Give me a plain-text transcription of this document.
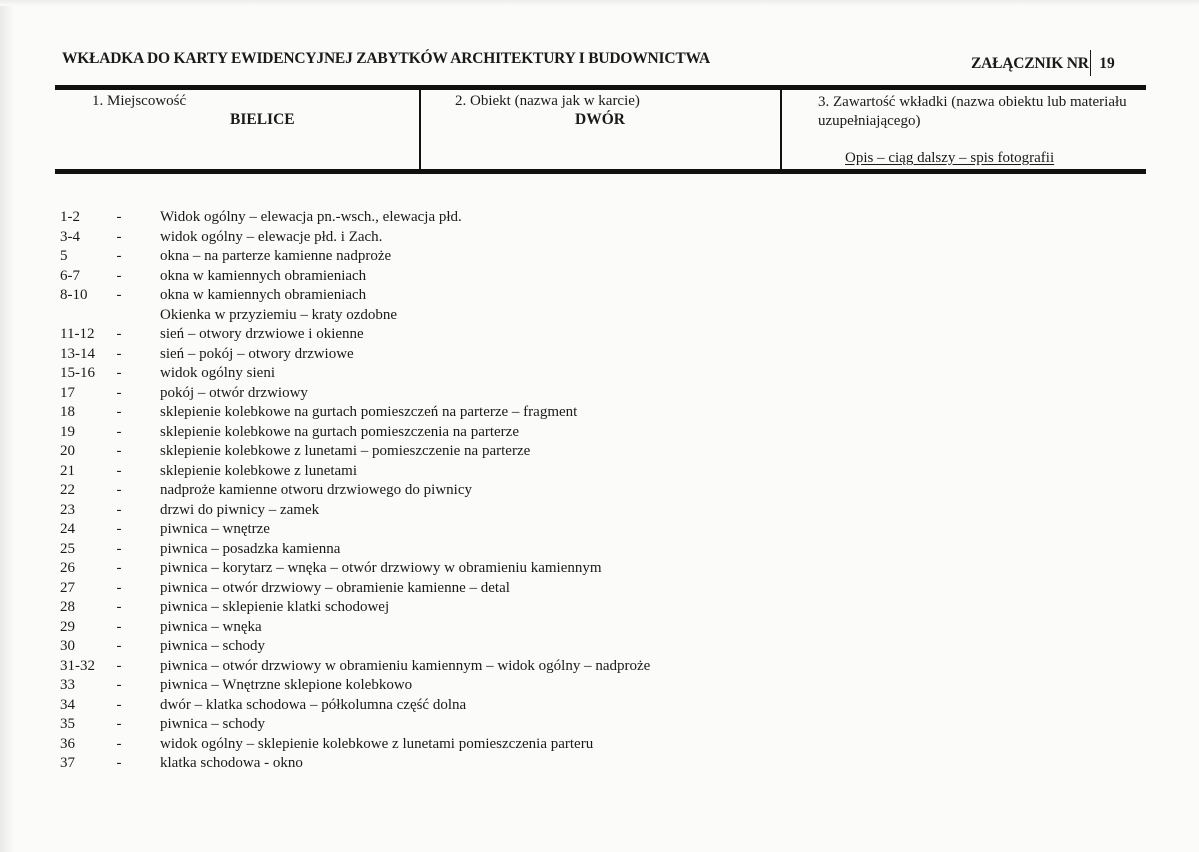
WKŁADKA DO KARTY EWIDENCYJNEJ ZABYTKÓW ARCHITEKTURY I BUDOWNICTWA	ZAŁĄCZNIK NR 19
1. Miejscowość
BIELICE
2. Obiekt (nazwa jak w karcie)
DWÓR
3. Zawartość wkładki (nazwa obiektu lub materiału uzupełniającego)
Opis – ciąg dalszy – spis fotografii
1-2	-	Widok ogólny – elewacja pn.-wsch., elewacja płd.
3-4	-	widok ogólny – elewacje płd. i Zach.
5	-	okna – na parterze kamienne nadproże
6-7	-	okna w kamiennych obramieniach
8-10	-	okna w kamiennych obramieniach
Okienka w przyziemiu – kraty ozdobne
11-12	-	sień – otwory drzwiowe i okienne
13-14	-	sień – pokój – otwory drzwiowe
15-16	-	widok ogólny sieni
17	-	pokój – otwór drzwiowy
18	-	sklepienie kolebkowe na gurtach pomieszczeń na parterze – fragment
19	-	sklepienie kolebkowe na gurtach pomieszczenia na parterze
20	-	sklepienie kolebkowe z lunetami – pomieszczenie na parterze
21	-	sklepienie kolebkowe z lunetami
22	-	nadproże kamienne otworu drzwiowego do piwnicy
23	-	drzwi do piwnicy – zamek
24	-	piwnica – wnętrze
25	-	piwnica – posadzka kamienna
26	-	piwnica – korytarz – wnęka – otwór drzwiowy w obramieniu kamiennym
27	-	piwnica – otwór drzwiowy – obramienie kamienne – detal
28	-	piwnica – sklepienie klatki schodowej
29	-	piwnica – wnęka
30	-	piwnica – schody
31-32	-	piwnica – otwór drzwiowy w obramieniu kamiennym – widok ogólny – nadproże
33	-	piwnica – Wnętrzne sklepione kolebkowo
34	-	dwór – klatka schodowa – półkolumna część dolna
35	-	piwnica – schody
36	-	widok ogólny – sklepienie kolebkowe z lunetami pomieszczenia parteru
37	-	klatka schodowa - okno
